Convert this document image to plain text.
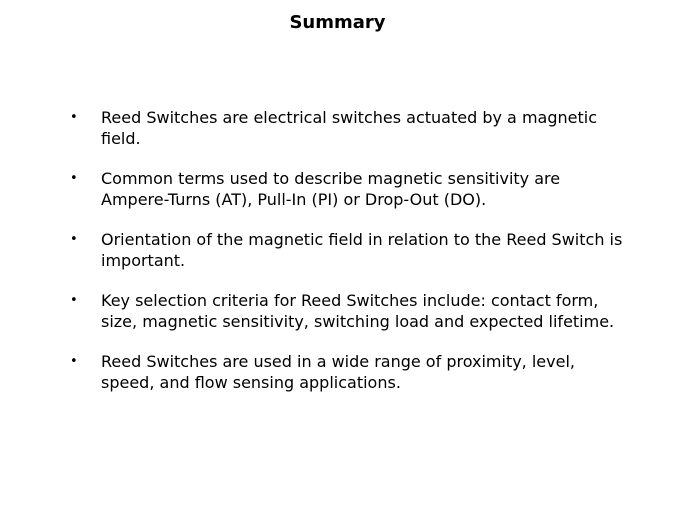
Summary
• Reed Switches are electrical switches actuated by a magnetic field.
• Common terms used to describe magnetic sensitivity are Ampere-Turns (AT), Pull-In (PI) or Drop-Out (DO).
• Orientation of the magnetic field in relation to the Reed Switch is important.
• Key selection criteria for Reed Switches include: contact form, size, magnetic sensitivity, switching load and expected lifetime.
• Reed Switches are used in a wide range of proximity, level, speed, and flow sensing applications.
